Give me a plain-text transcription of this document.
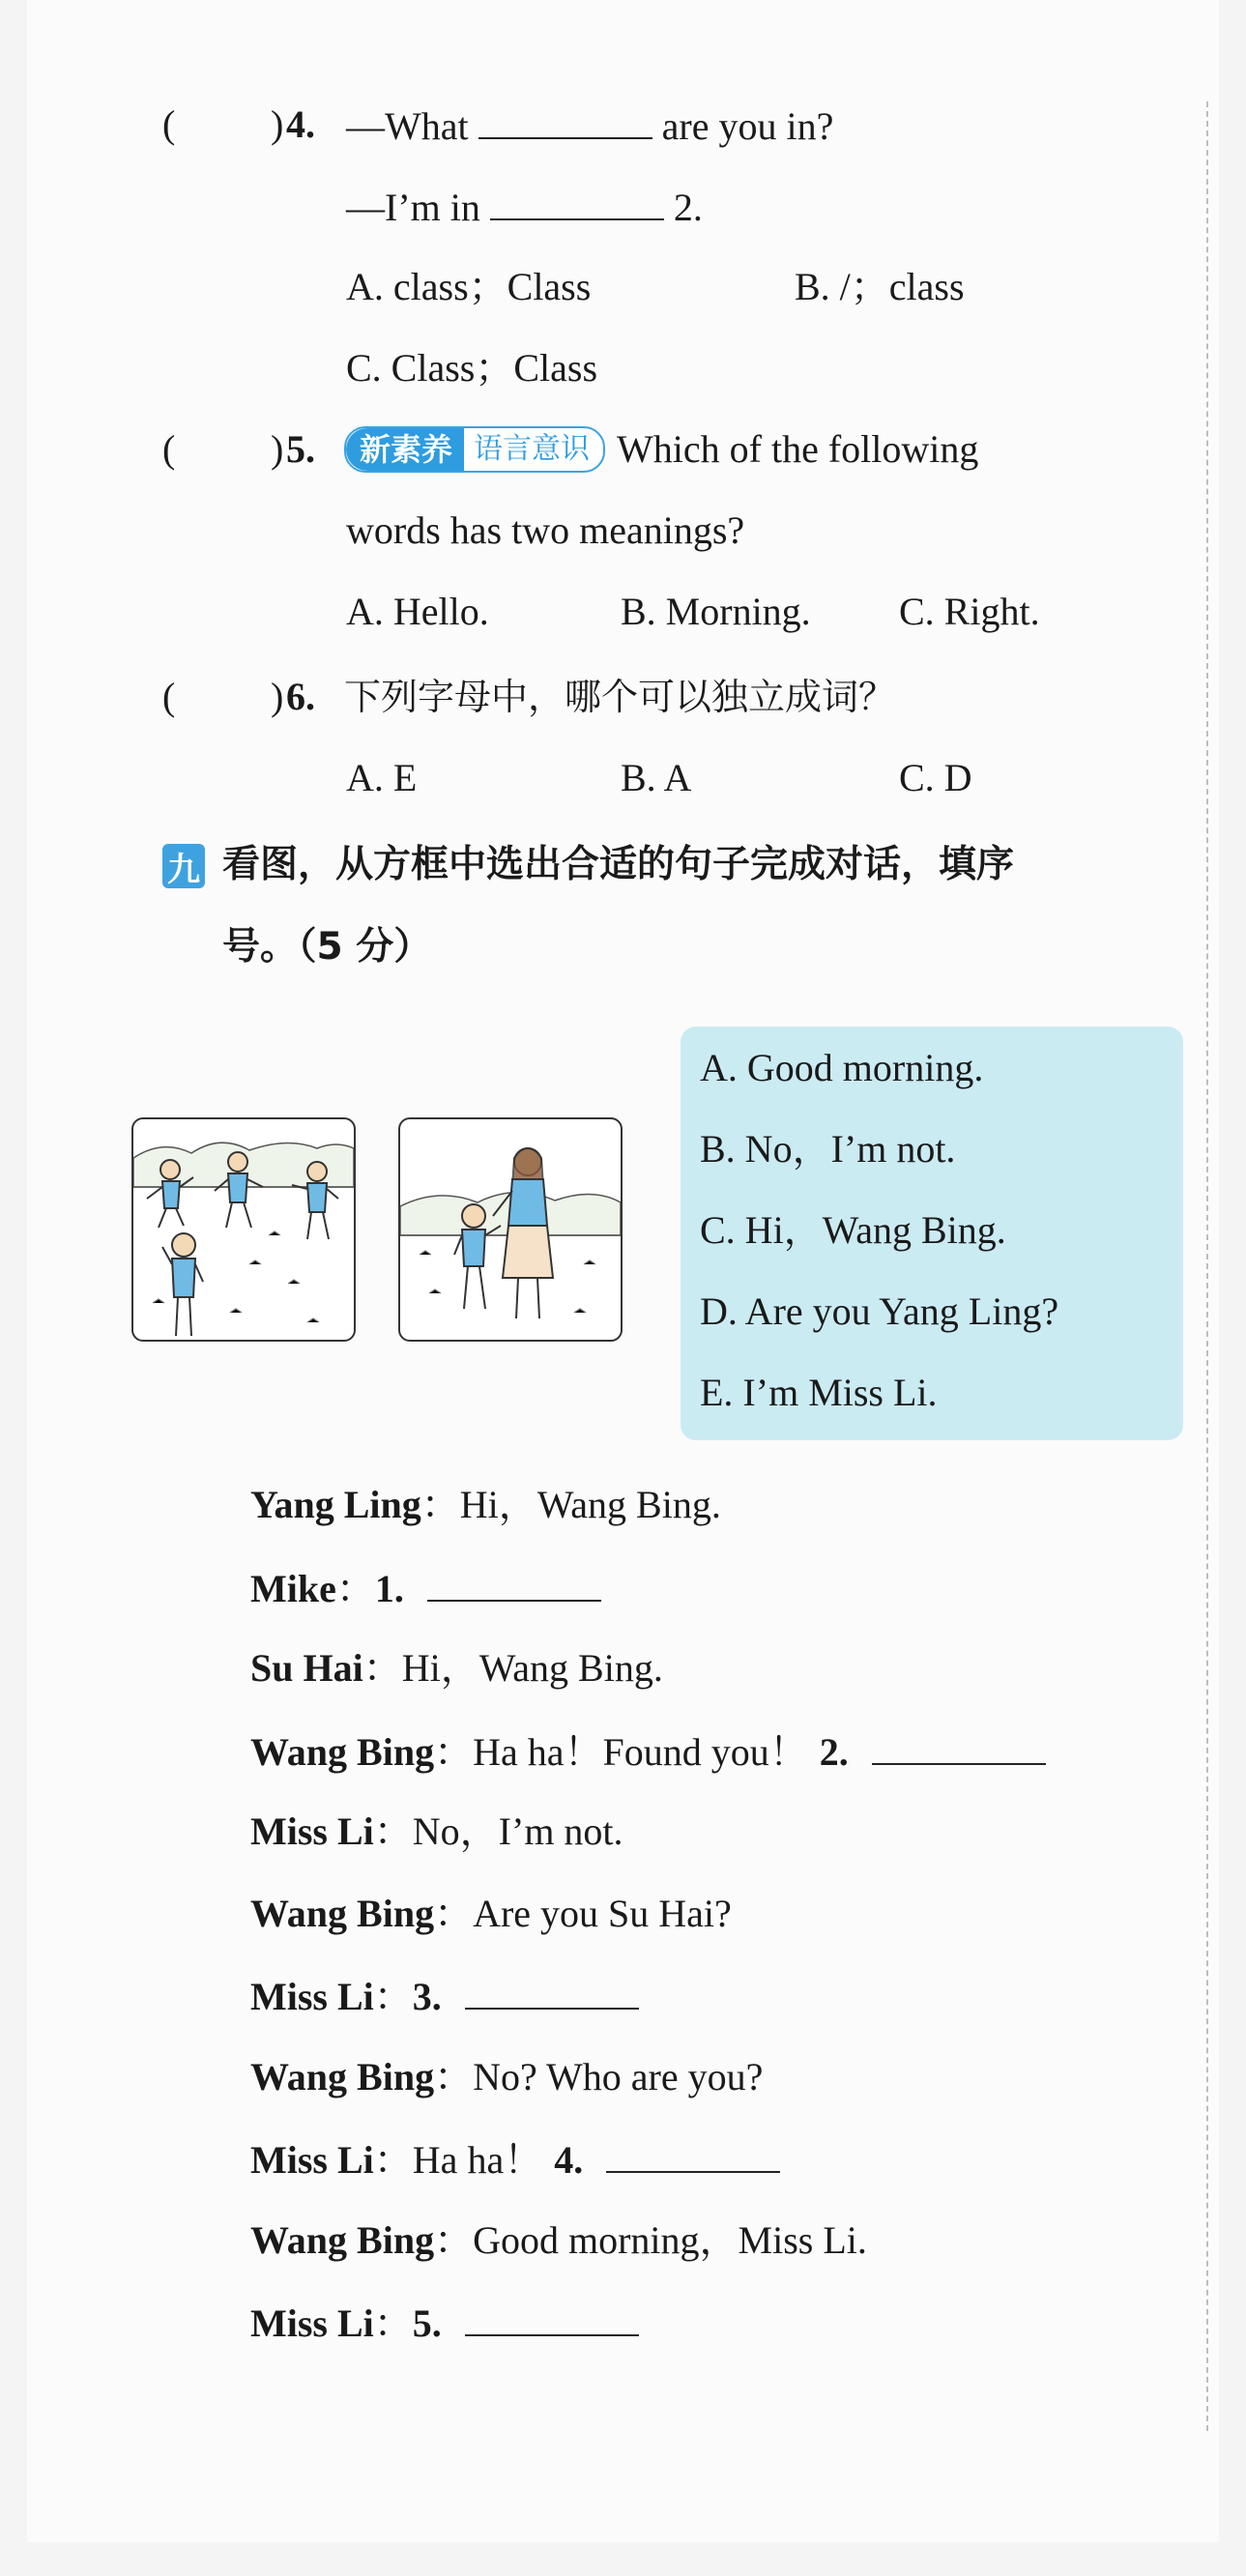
( ) 4. —What	are you in?
—I’m in	2.
A. class；Class	B. /；class
C. Class；Class
( ) 5.	新素养 语言意识 Which of the following
words has two meanings?
A. Hello.	B. Morning. C. Right.
( ) 6. 下列字母中，哪个可以独立成词？
A. E	B. A	C. D
九 看图，从方框中选出合适的句子完成对话，填序
号。（5 分）
A. Good morning.
B. No，I’m not.
C. Hi，Wang Bing.
D. Are you Yang Ling?
E. I’m Miss Li.
Yang Ling：Hi，Wang Bing.
Mike：1.
Su Hai：Hi，Wang Bing.
Wang Bing：Ha ha！Found you！ 2.
Miss Li：No，I’m not.
Wang Bing：Are you Su Hai?
Miss Li：3.
Wang Bing：No? Who are you?
Miss Li：Ha ha！ 4.
Wang Bing：Good morning，Miss Li.
Miss Li：5.
